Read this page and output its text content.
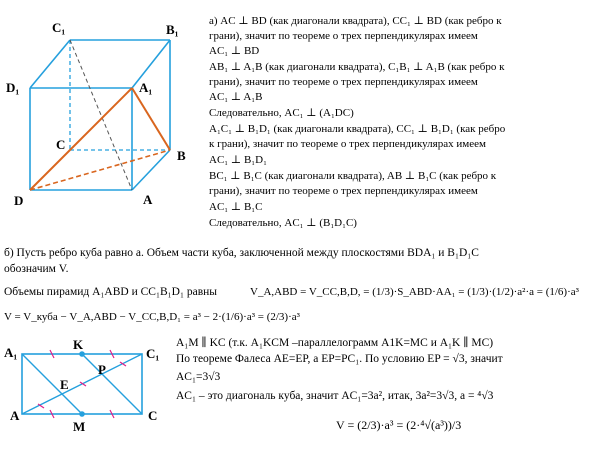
C₁	B₁
D₁	A₁
C
B
D	A
а) AC ⊥ BD (как диагонали квадрата), CC₁ ⊥ BD (как ребро к
грани), значит по теореме о трех перпендикулярах имеем
AC₁ ⊥ BD
AB₁ ⊥ A₁B (как диагонали квадрата), C₁B₁ ⊥ A₁B (как ребро к
грани), значит по теореме о трех перпендикулярах имеем
AC₁ ⊥ A₁B
Следовательно, AC₁ ⊥ (A₁DC)
A₁C₁ ⊥ B₁D₁ (как диагонали квадрата), CC₁ ⊥ B₁D₁ (как ребро
к грани), значит по теореме о трех перпендикулярах имеем
AC₁ ⊥ B₁D₁
BC₁ ⊥ B₁C (как диагонали квадрата), AB ⊥ B₁C (как ребро к
грани), значит по теореме о трех перпендикулярах имеем
AC₁ ⊥ B₁C
Следовательно, AC₁ ⊥ (B₁D₁C)
б) Пусть ребро куба равно a. Объем части куба, заключенной между плоскостями BDA₁ и B₁D₁C
обозначим V.
Объемы пирамид A₁ABD и CC₁B₁D₁ равны	V_A,ABD = V_CC,B,D, = (1/3)·S_ABD·AA₁ = (1/3)·(1/2)·a²·a = (1/6)·a³
V = V_куба − V_A,ABD − V_CC,B,D₁ = a³ − 2·(1/6)·a³ = (2/3)·a³
A₁
K
C₁
E
P
A
M
C
A₁M ∥ KC (т.к. A₁KCM –параллелограмм A1K=MC и A₁K ∥ MC)
По теореме Фалеса AE=EP, а EP=PC₁. По условию EP = √3, значит
AC₁=3√3
AC₁ – это диагональ куба, значит AC₁=3a², итак, 3a²=3√3, a = ⁴√3
V = (2/3)·a³ = (2·⁴√(a³))/3
